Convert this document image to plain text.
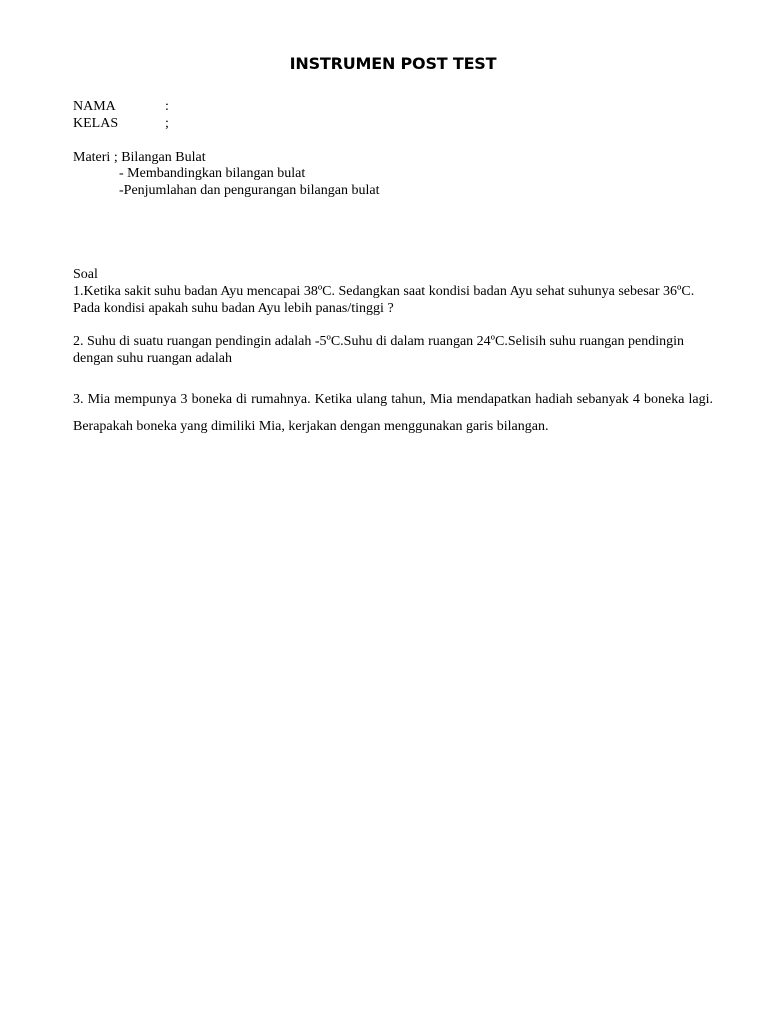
INSTRUMEN POST TEST
NAMA	:
KELAS	;
Materi ; Bilangan Bulat
- Membandingkan bilangan bulat
-Penjumlahan dan pengurangan bilangan bulat
Soal
1.Ketika sakit suhu badan Ayu mencapai 38ºC. Sedangkan saat kondisi badan Ayu sehat suhunya sebesar 36ºC. Pada kondisi apakah suhu badan Ayu lebih panas/tinggi ?
2. Suhu di suatu ruangan pendingin adalah -5ºC.Suhu di dalam ruangan 24ºC.Selisih suhu ruangan pendingin dengan suhu ruangan adalah
3. Mia mempunya 3 boneka di rumahnya. Ketika ulang tahun, Mia mendapatkan hadiah sebanyak 4 boneka lagi. Berapakah boneka yang dimiliki Mia, kerjakan dengan menggunakan garis bilangan.
